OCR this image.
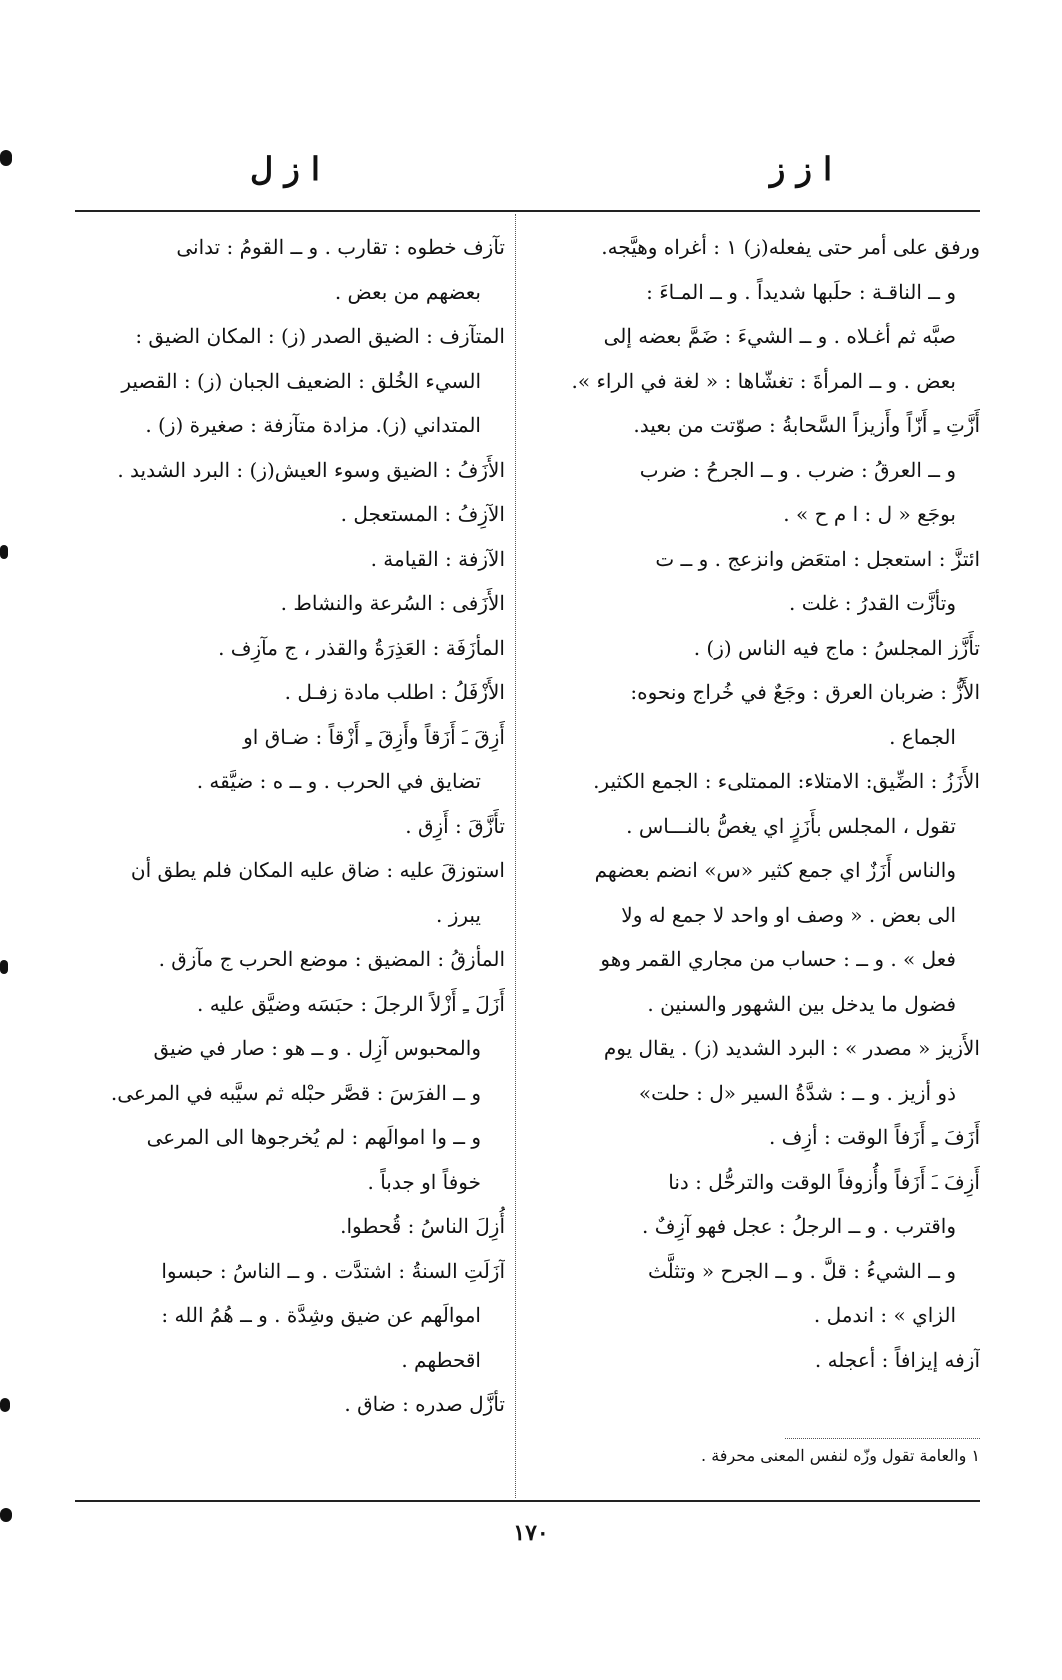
ا ز ز
ا ز ل
ورفق على أمر حتى يفعله(ز) ١ : أغراه وهيَّجه.
و ــ الناقـة : حلَبها شديداً . و ــ المـاءَ :
صبَّه ثم أغـلاه . و ــ الشيءَ : ضَمَّ بعضه إلى
بعض . و ــ المرأةَ : تغشّاها : « لغة في الراء ».
أَزَّتِ ـِ أَزّاً وأَزيزاً السَّحابةُ : صوّتت من بعيد.
و ــ العرقُ : ضرب . و ــ الجرحُ : ضرب
بوجَع « ل : ا م ح » .
ائتزَّ : استعجل : امتعَض وانزعج . و ــ ت
وتأزَّت القدرُ : غلت .
تأَزَّز المجلسُ : ماج فيه الناس (ز) .
الأَزُّ : ضربان العرق : وجَعٌ في خُراج ونحوه:
الجماع .
الأَزَزُ : الضِّيق: الامتلاء: الممتلىء : الجمع الكثير.
تقول ، المجلس بأَزَزٍ اي يغصُّ بالنـــاس .
والناس أَزَزٌ اي جمع كثير «س» انضم بعضهم
الى بعض . « وصف او واحد لا جمع له ولا
فعل » . و ــ : حساب من مجاري القمر وهو
فضول ما يدخل بين الشهور والسنين .
الأَزيز « مصدر » : البرد الشديد (ز) . يقال يوم
ذو أزيز . و ــ : شدَّةُ السير «ل : حلت»
أَزَفَ ـِ أَزَفاً الوقت : أزِف .
أَزِفَ ـَ أَزَفاً وأُزوفاً الوقت والترحُّل : دنا
واقترب . و ــ الرجلُ : عجل فهو آزِفٌ .
و ــ الشيءُ : قلَّ . و ــ الجرح « وتثلَّث
الزاي » : اندمل .
آزفه إيزافاً : أعجله .
تآزف خطوه : تقارب . و ــ القومُ : تدانى
بعضهم من بعض .
المتآزف : الضيق الصدر (ز) : المكان الضيق :
السيء الخُلق : الضعيف الجبان (ز) : القصير
المتداني (ز). مزادة متآزفة : صغيرة (ز) .
الأَزَفُ : الضيق وسوء العيش(ز) : البرد الشديد .
الآزِفُ : المستعجل .
الآزفة : القيامة .
الأَزَفى : السُرعة والنشاط .
المأزَفَة : العَذِرَةُ والقذر ، ج مآزِف .
الأَزْفَلُ : اطلب مادة زفـل .
أَزِقَ ـَ أَزَقاً وأَزِقَ ـِ أَزْقاً : ضـاق او
تضايق في الحرب . و ــ ه : ضيَّقه .
تأَزَّقَ : أَزِق .
استوزقَ عليه : ضاق عليه المكان فلم يطق أن
يبرز .
المأزقُ : المضيق : موضع الحرب ج مآزق .
أَزَلَ ـِ أَزْلاً الرجلَ : حبَسَه وضيَّق عليه .
والمحبوس آزِل . و ــ هو : صار في ضيق
و ــ الفرَسَ : قصَّر حبْله ثم سيَّبه في المرعى.
و ــ وا اموالَهم : لم يُخرجوها الى المرعى
خوفاً او جدباً .
أُزِلَ الناسُ : قُحطوا.
آزَلَتِ السنةُ : اشتدَّت . و ــ الناسُ : حبسوا
اموالَهم عن ضيق وشِدَّة . و ــ هُمُ الله :
اقحطهم .
تأزَّل صدره : ضاق .
١ والعامة تقول وزّه لنفس المعنى محرفة .
١٧٠
